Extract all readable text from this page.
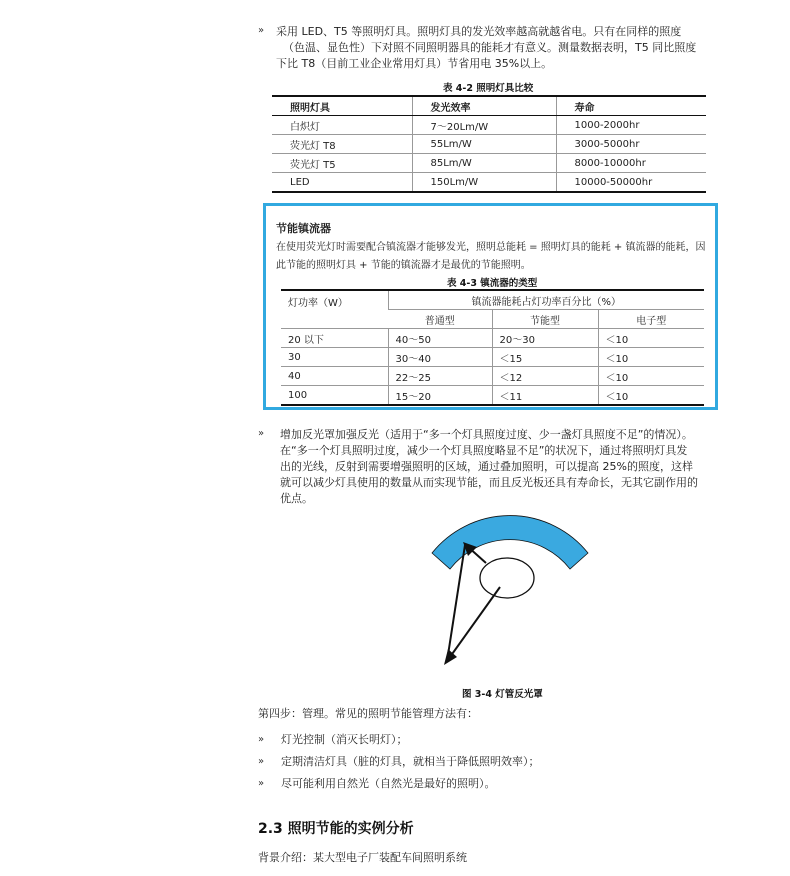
» 采用 LED、T5 等照明灯具。照明灯具的发光效率越高就越省电。只有在同样的照度
（色温、显色性）下对照不同照明器具的能耗才有意义。测量数据表明，T5 同比照度
下比 T8（目前工业企业常用灯具）节省用电 35%以上。
表 4-2 照明灯具比较
照明灯具	发光效率	寿命
白炽灯	7～20Lm/W	1000-2000hr
荧光灯 T8	55Lm/W	3000-5000hr
荧光灯 T5	85Lm/W	8000-10000hr
LED	150Lm/W	10000-50000hr
节能镇流器
在使用荧光灯时需要配合镇流器才能够发光，照明总能耗 = 照明灯具的能耗 + 镇流器的能耗，因
此节能的照明灯具 + 节能的镇流器才是最优的节能照明。
表 4-3 镇流器的类型
灯功率（W）	镇流器能耗占灯功率百分比（%）		
	普通型	节能型	电子型
20 以下	40～50	20～30	＜10
30	30～40	＜15	＜10
40	22～25	＜12	＜10
100	15～20	＜11	＜10
» 增加反光罩加强反光（适用于“多一个灯具照度过度、少一盏灯具照度不足”的情况）。
在“多一个灯具照明过度，减少一个灯具照度略显不足”的状况下，通过将照明灯具发
出的光线，反射到需要增强照明的区域，通过叠加照明，可以提高 25%的照度，这样
就可以减少灯具使用的数量从而实现节能，而且反光板还具有寿命长，无其它副作用的
优点。
图 3-4 灯管反光罩
第四步：管理。常见的照明节能管理方法有：
» 灯光控制（消灭长明灯）；
» 定期清洁灯具（脏的灯具，就相当于降低照明效率）；
» 尽可能利用自然光（自然光是最好的照明）。
2.3 照明节能的实例分析
背景介绍：某大型电子厂装配车间照明系统
